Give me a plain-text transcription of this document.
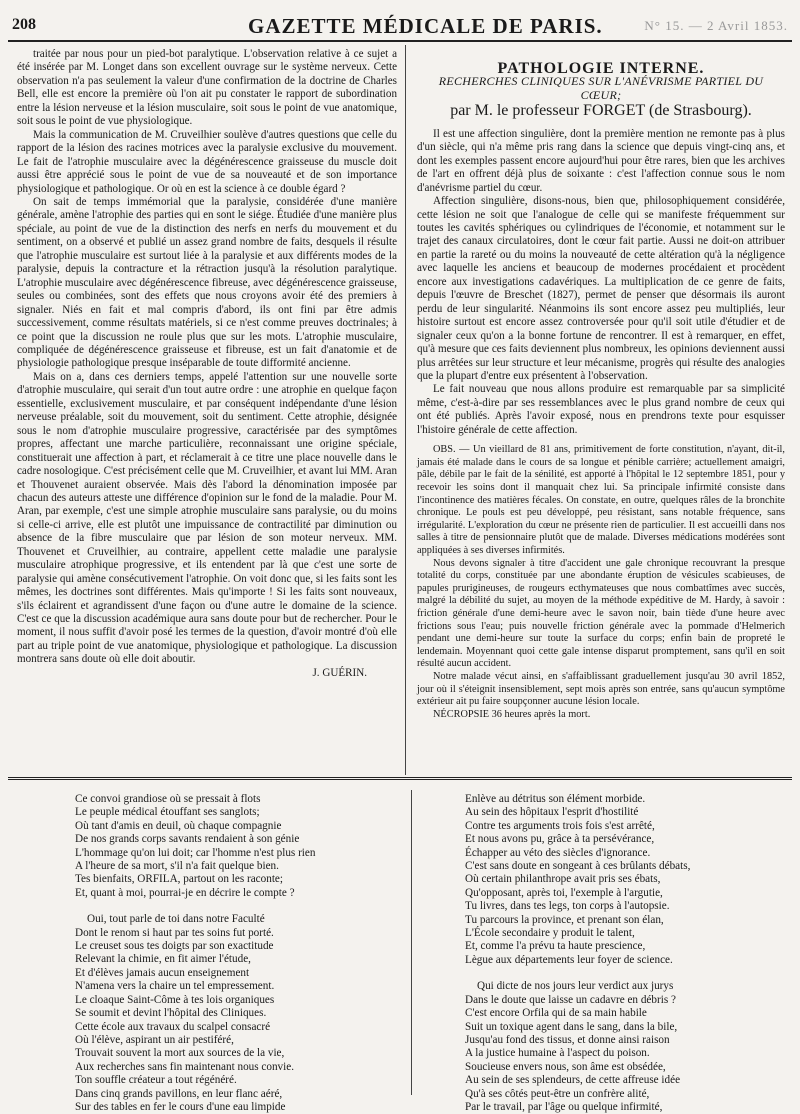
208	GAZETTE MÉDICALE DE PARIS.	N° 15. — 2 Avril 1853.

traitée par nous pour un pied-bot paralytique. L'observation relative à ce sujet a été insérée par M. Longet dans son excellent ouvrage sur le système nerveux. Cette observation n'a pas seulement la valeur d'une confirmation de la doctrine de Charles Bell, elle est encore la première où l'on ait pu constater le rapport de subordination entre la lésion nerveuse et la lésion musculaire, soit sous le point de vue anatomique, soit sous le point de vue physiologique.

Mais la communication de M. Cruveilhier soulève d'autres questions que celle du rapport de la lésion des racines motrices avec la paralysie exclusive du mouvement. Le fait de l'atrophie musculaire avec la dégénérescence graisseuse du muscle doit aussi être apprécié sous le point de vue de sa nouveauté et de son importance physiologique et pathologique. Or où en est la science à ce double égard ?

On sait de temps immémorial que la paralysie, considérée d'une manière générale, amène l'atrophie des parties qui en sont le siége. Étudiée d'une manière plus spéciale, au point de vue de la distinction des nerfs en nerfs du mouvement et du sentiment, on a observé et publié un assez grand nombre de faits, desquels il résulte que l'atrophie musculaire est surtout liée à la paralysie et aux différents modes de la paralysie, depuis la contracture et la rétraction jusqu'à la résolution paralytique. L'atrophie musculaire avec dégénérescence fibreuse, avec dégénérescence graisseuse, seules ou combinées, sont des effets que nous croyons avoir été des premiers à signaler. Niés en fait et mal compris d'abord, ils ont fini par être admis successivement, comme résultats matériels, si ce n'est comme preuves doctrinales; à ce point que la discussion ne roule plus que sur les mots. L'atrophie musculaire, compliquée de dégénérescence graisseuse et fibreuse, est un fait d'anatomie et de physiologie pathologique presque inséparable de toute difformité ancienne.

Mais on a, dans ces derniers temps, appelé l'attention sur une nouvelle sorte d'atrophie musculaire, qui serait d'un tout autre ordre : une atrophie en quelque façon essentielle, exclusivement musculaire, et par conséquent indépendante d'une lésion nerveuse préalable, soit du mouvement, soit du sentiment. Cette atrophie, désignée sous le nom d'atrophie musculaire progressive, caractérisée par des symptômes propres, affectant une marche particulière, reconnaissant une origine spéciale, constituerait une affection à part, et réclamerait à ce titre une place nouvelle dans le cadre nosologique. C'est précisément celle que M. Cruveilhier, et avant lui MM. Aran et Thouvenet auraient observée. Mais dès l'abord la dénomination imposée par chacun des auteurs atteste une différence d'opinion sur le fond de la maladie. Pour M. Aran, par exemple, c'est une simple atrophie musculaire sans paralysie, ou du moins si celle-ci arrive, elle est plutôt une impuissance de contractilité par diminution ou absence de la fibre musculaire que par lésion de son moteur nerveux. MM. Thouvenet et Cruveilhier, au contraire, appellent cette maladie une paralysie musculaire atrophique progressive, et ils entendent par là que c'est une sorte de paralysie qui amène consécutivement l'atrophie. On voit donc que, si les faits sont les mêmes, les doctrines sont différentes. Mais qu'importe ! Si les faits sont nouveaux, s'ils éclairent et agrandissent d'une façon ou d'une autre le domaine de la science. C'est ce que la discussion académique aura sans doute pour but de rechercher. Pour le moment, il nous suffit d'avoir posé les termes de la question, d'avoir montré d'où elle part au triple point de vue anatomique, physiologique et pathologique. La discussion montrera sans doute où elle doit aboutir.

J. GUÉRIN.

PATHOLOGIE INTERNE.

RECHERCHES CLINIQUES SUR L'ANÉVRISME PARTIEL DU CŒUR;

par M. le professeur FORGET (de Strasbourg).

Il est une affection singulière, dont la première mention ne remonte pas à plus d'un siècle, qui n'a même pris rang dans la science que depuis vingt-cinq ans, et dont les exemples passent encore aujourd'hui pour être rares, bien que les archives de l'art en offrent déjà plus de soixante : c'est l'affection connue sous le nom d'anévrisme partiel du cœur.

Affection singulière, disons-nous, bien que, philosophiquement considérée, cette lésion ne soit que l'analogue de celle qui se manifeste fréquemment sur toutes les cavités sphériques ou cylindriques de l'économie, et notamment sur le trajet des canaux circulatoires, dont le cœur fait partie. Aussi ne doit-on attribuer en partie la rareté ou du moins la nouveauté de cette altération qu'à la négligence avec laquelle les anciens et beaucoup de modernes procédaient et procèdent encore aux investigations cadavériques. La multiplication de ce genre de faits, depuis l'œuvre de Breschet (1827), permet de penser que désormais ils auront perdu de leur singularité. Néanmoins ils sont encore assez peu multipliés, leur histoire surtout est encore assez controversée pour qu'il soit utile d'étudier et de signaler ceux qu'on a la bonne fortune de rencontrer. Il est à remarquer, en effet, qu'à mesure que ces faits deviennent plus nombreux, les opinions deviennent aussi plus arrêtées sur leur structure et leur mécanisme, progrès qui résulte des analogies que la plupart d'entre eux présentent à l'observation.

Le fait nouveau que nous allons produire est remarquable par sa simplicité même, c'est-à-dire par ses ressemblances avec le plus grand nombre de ceux qui ont été publiés. Après l'avoir exposé, nous en prendrons texte pour esquisser l'histoire générale de cette affection.

OBS. — Un vieillard de 81 ans, primitivement de forte constitution, n'ayant, dit-il, jamais été malade dans le cours de sa longue et pénible carrière; actuellement amaigri, pâle, débile par le fait de la sénilité, est apporté à l'hôpital le 12 septembre 1851, pour y recevoir les soins dont il manquait chez lui. Sa principale infirmité consiste dans l'incontinence des matières fécales. On constate, en outre, quelques râles de la bronchite chronique. Le pouls est peu développé, peu résistant, sans notable fréquence, sans irrégularité. L'exploration du cœur ne présente rien de particulier. Il est accueilli dans nos salles à titre de pensionnaire plutôt que de malade. Diverses médications modérées sont appliquées à ses diverses infirmités.

Nous devons signaler à titre d'accident une gale chronique recouvrant la presque totalité du corps, constituée par une abondante éruption de vésicules scabieuses, de papules prurigineuses, de rougeurs ecthymateuses que nous combattîmes avec succès, malgré la débilité du sujet, au moyen de la méthode expéditive de M. Hardy, à savoir : friction générale d'une demi-heure avec le savon noir, bain tiède d'une heure avec frictions sous l'eau; puis nouvelle friction générale avec la pommade d'Helmerich pendant une demi-heure sur toute la surface du corps; enfin bain de propreté le lendemain. Moyennant quoi cette gale intense disparut promptement, sans qu'il en soit résulté aucun accident.

Notre malade vécut ainsi, en s'affaiblissant graduellement jusqu'au 30 avril 1852, jour où il s'éteignit insensiblement, sept mois après son entrée, sans qu'aucun symptôme extérieur ait pu faire soupçonner aucune lésion locale.

NÉCROPSIE 36 heures après la mort.

Ce convoi grandiose où se pressait à flots
Le peuple médical étouffant ses sanglots;
Où tant d'amis en deuil, où chaque compagnie
De nos grands corps savants rendaient à son génie
L'hommage qu'on lui doit; car l'homme n'est plus rien
A l'heure de sa mort, s'il n'a fait quelque bien.
Tes bienfaits, ORFILA, partout on les raconte;
Et, quant à moi, pourrai-je en décrire le compte ?
Oui, tout parle de toi dans notre Faculté
Dont le renom si haut par tes soins fut porté.
Le creuset sous tes doigts par son exactitude
Relevant la chimie, en fit aimer l'étude,
Et d'élèves jamais aucun enseignement
N'amena vers la chaire un tel empressement.
Le cloaque Saint-Côme à tes lois organiques
Se soumit et devint l'hôpital des Cliniques.
Cette école aux travaux du scalpel consacré
Où l'élève, aspirant un air pestiféré,
Trouvait souvent la mort aux sources de la vie,
Aux recherches sans fin maintenant nous convie.
Ton souffle créateur a tout régénéré.
Dans cinq grands pavillons, en leur flanc aéré,
Sur des tables en fer le cours d'une eau limpide
Enlève au détritus son élément morbide.
Au sein des hôpitaux l'esprit d'hostilité
Contre tes arguments trois fois s'est arrêté,
Et nous avons pu, grâce à ta persévérance,
Échapper au véto des siècles d'ignorance.
C'est sans doute en songeant à ces brûlants débats,
Où certain philanthrope avait pris ses ébats,
Qu'opposant, après toi, l'exemple à l'argutie,
Tu livres, dans tes legs, ton corps à l'autopsie.
Tu parcours la province, et prenant son élan,
L'École secondaire y produit le talent,
Et, comme l'a prévu ta haute prescience,
Lègue aux départements leur foyer de science.
Qui dicte de nos jours leur verdict aux jurys
Dans le doute que laisse un cadavre en débris ?
C'est encore Orfila qui de sa main habile
Suit un toxique agent dans le sang, dans la bile,
Jusqu'au fond des tissus, et donne ainsi raison
A la justice humaine à l'aspect du poison.
Soucieuse envers nous, son âme est obsédée,
Au sein de ses splendeurs, de cette affreuse idée
Qu'à ses côtés peut-être un confrère alité,
Par le travail, par l'âge ou quelque infirmité,
